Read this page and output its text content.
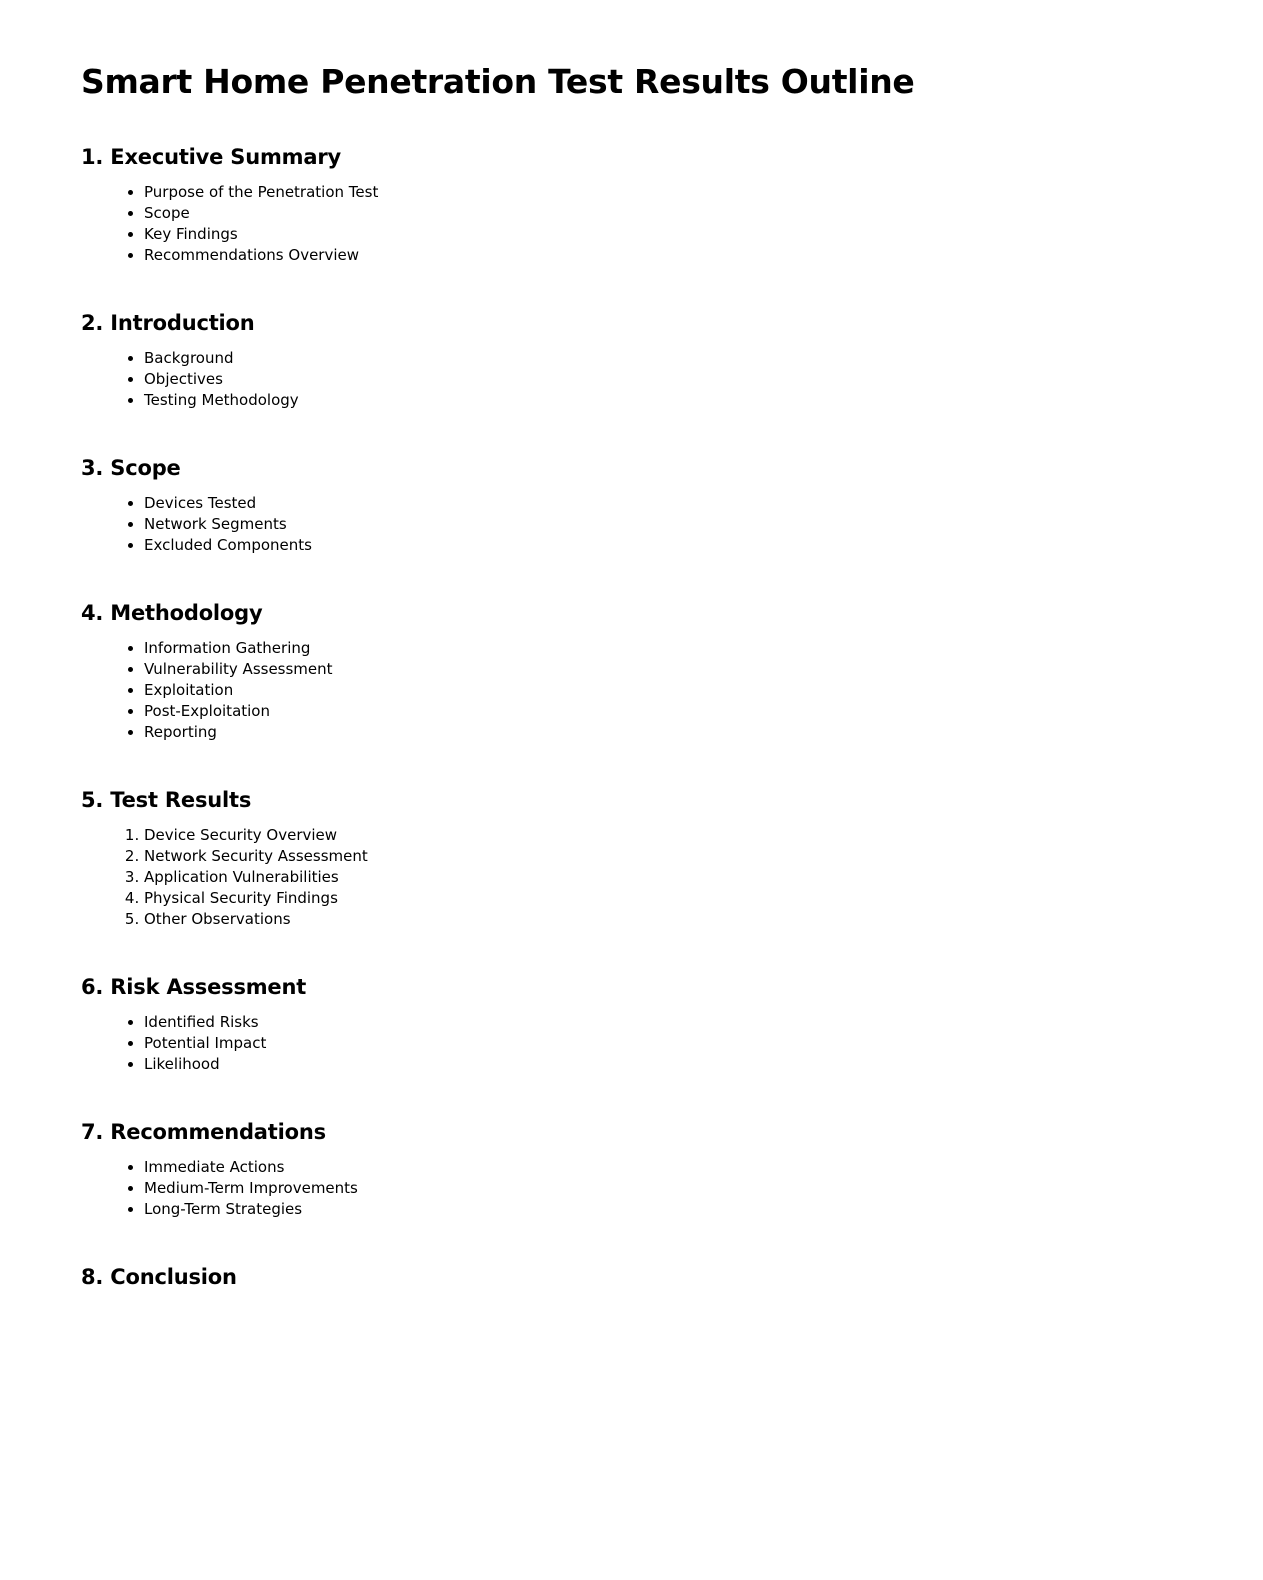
Smart Home Penetration Test Results Outline
1. Executive Summary
• Purpose of the Penetration Test
• Scope
• Key Findings
• Recommendations Overview
2. Introduction
• Background
• Objectives
• Testing Methodology
3. Scope
• Devices Tested
• Network Segments
• Excluded Components
4. Methodology
• Information Gathering
• Vulnerability Assessment
• Exploitation
• Post-Exploitation
• Reporting
5. Test Results
1. Device Security Overview
2. Network Security Assessment
3. Application Vulnerabilities
4. Physical Security Findings
5. Other Observations
6. Risk Assessment
• Identified Risks
• Potential Impact
• Likelihood
7. Recommendations
• Immediate Actions
• Medium-Term Improvements
• Long-Term Strategies
8. Conclusion
